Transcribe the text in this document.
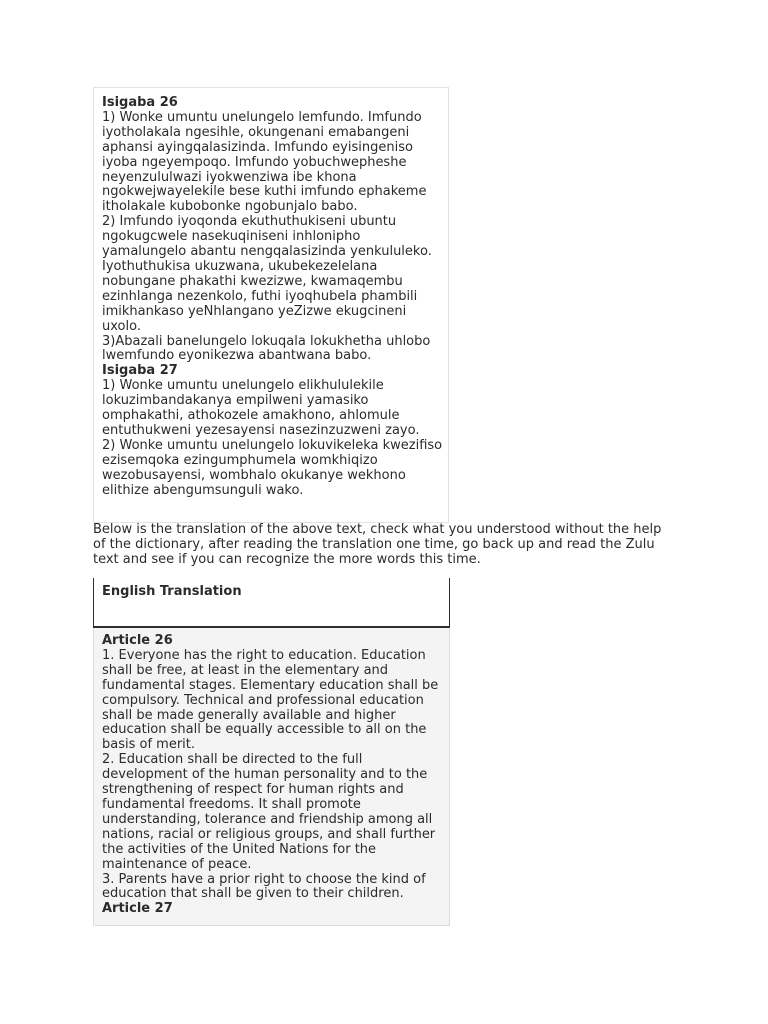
Isigaba 26
1) Wonke umuntu unelungelo lemfundo. Imfundo iyotholakala ngesihle, okungenani emabangeni aphansi ayingqalasizinda. Imfundo eyisingeniso iyoba ngeyempoqo. Imfundo yobuchwepheshe neyenzululwazi iyokwenziwa ibe khona ngokwejwayelekile bese kuthi imfundo ephakeme itholakale kubobonke ngobunjalo babo.
2) Imfundo iyoqonda ekuthuthukiseni ubuntu ngokugcwele nasekuqiniseni inhlonipho yamalungelo abantu nengqalasizinda yenkululeko. Iyothuthukisa ukuzwana, ukubekezelelana nobungane phakathi kwezizwe, kwamaqembu ezinhlanga nezenkolo, futhi iyoqhubela phambili imikhankaso yeNhlangano yeZizwe ekugcineni uxolo.
3)Abazali banelungelo lokuqala lokukhetha uhlobo lwemfundo eyonikezwa abantwana babo.
Isigaba 27
1) Wonke umuntu unelungelo elikhululekile lokuzimbandakanya empilweni yamasiko omphakathi, athokozele amakhono, ahlomule entuthukweni yezesayensi nasezinzuzweni zayo.
2) Wonke umuntu unelungelo lokuvikeleka kwezifiso ezisemqoka ezingumphumela womkhiqizo wezobusayensi, wombhalo okukanye wekhono elithize abengumsunguli wako.
Below is the translation of the above text, check what you understood without the help of the dictionary, after reading the translation one time, go back up and read the Zulu text and see if you can recognize the more words this time.
English Translation
Article 26
1. Everyone has the right to education. Education shall be free, at least in the elementary and fundamental stages. Elementary education shall be compulsory. Technical and professional education shall be made generally available and higher education shall be equally accessible to all on the basis of merit.
2. Education shall be directed to the full development of the human personality and to the strengthening of respect for human rights and fundamental freedoms. It shall promote understanding, tolerance and friendship among all nations, racial or religious groups, and shall further the activities of the United Nations for the maintenance of peace.
3. Parents have a prior right to choose the kind of education that shall be given to their children.
Article 27
